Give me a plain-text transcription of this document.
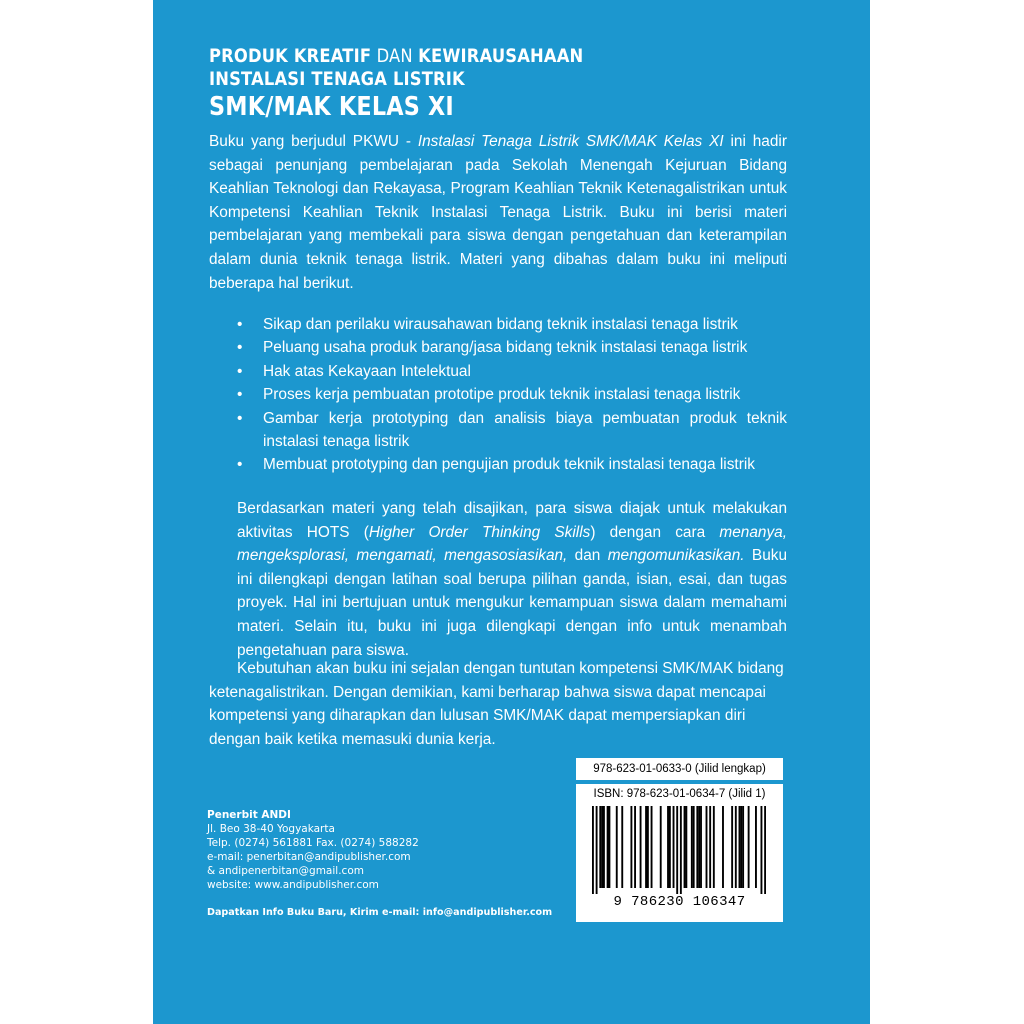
PRODUK KREATIF DAN KEWIRAUSAHAAN
INSTALASI TENAGA LISTRIK
SMK/MAK KELAS XI
Buku yang berjudul PKWU - Instalasi Tenaga Listrik SMK/MAK Kelas XI ini hadir sebagai penunjang pembelajaran pada Sekolah Menengah Kejuruan Bidang Keahlian Teknologi dan Rekayasa, Program Keahlian Teknik Ketenagalistrikan untuk Kompetensi Keahlian Teknik Instalasi Tenaga Listrik. Buku ini berisi materi pembelajaran yang membekali para siswa dengan pengetahuan dan keterampilan dalam dunia teknik tenaga listrik. Materi yang dibahas dalam buku ini meliputi beberapa hal berikut.
• Sikap dan perilaku wirausahawan bidang teknik instalasi tenaga listrik
• Peluang usaha produk barang/jasa bidang teknik instalasi tenaga listrik
• Hak atas Kekayaan Intelektual
• Proses kerja pembuatan prototipe produk teknik instalasi tenaga listrik
• Gambar kerja prototyping dan analisis biaya pembuatan produk teknik instalasi tenaga listrik
• Membuat prototyping dan pengujian produk teknik instalasi tenaga listrik
Berdasarkan materi yang telah disajikan, para siswa diajak untuk melakukan aktivitas HOTS (Higher Order Thinking Skills) dengan cara menanya, mengeksplorasi, mengamati, mengasosiasikan, dan mengomunikasikan. Buku ini dilengkapi dengan latihan soal berupa pilihan ganda, isian, esai, dan tugas proyek. Hal ini bertujuan untuk mengukur kemampuan siswa dalam memahami materi. Selain itu, buku ini juga dilengkapi dengan info untuk menambah pengetahuan para siswa.
Kebutuhan akan buku ini sejalan dengan tuntutan kompetensi SMK/MAK bidang ketenagalistrikan. Dengan demikian, kami berharap bahwa siswa dapat mencapai kompetensi yang diharapkan dan lulusan SMK/MAK dapat mempersiapkan diri dengan baik ketika memasuki dunia kerja.
Penerbit ANDI
Jl. Beo 38-40 Yogyakarta
Telp. (0274) 561881 Fax. (0274) 588282
e-mail: penerbitan@andipublisher.com
& andipenerbitan@gmail.com
website: www.andipublisher.com
Dapatkan Info Buku Baru, Kirim e-mail: info@andipublisher.com
978-623-01-0633-0 (Jilid lengkap)
ISBN: 978-623-01-0634-7 (Jilid 1)
9 786230 106347
